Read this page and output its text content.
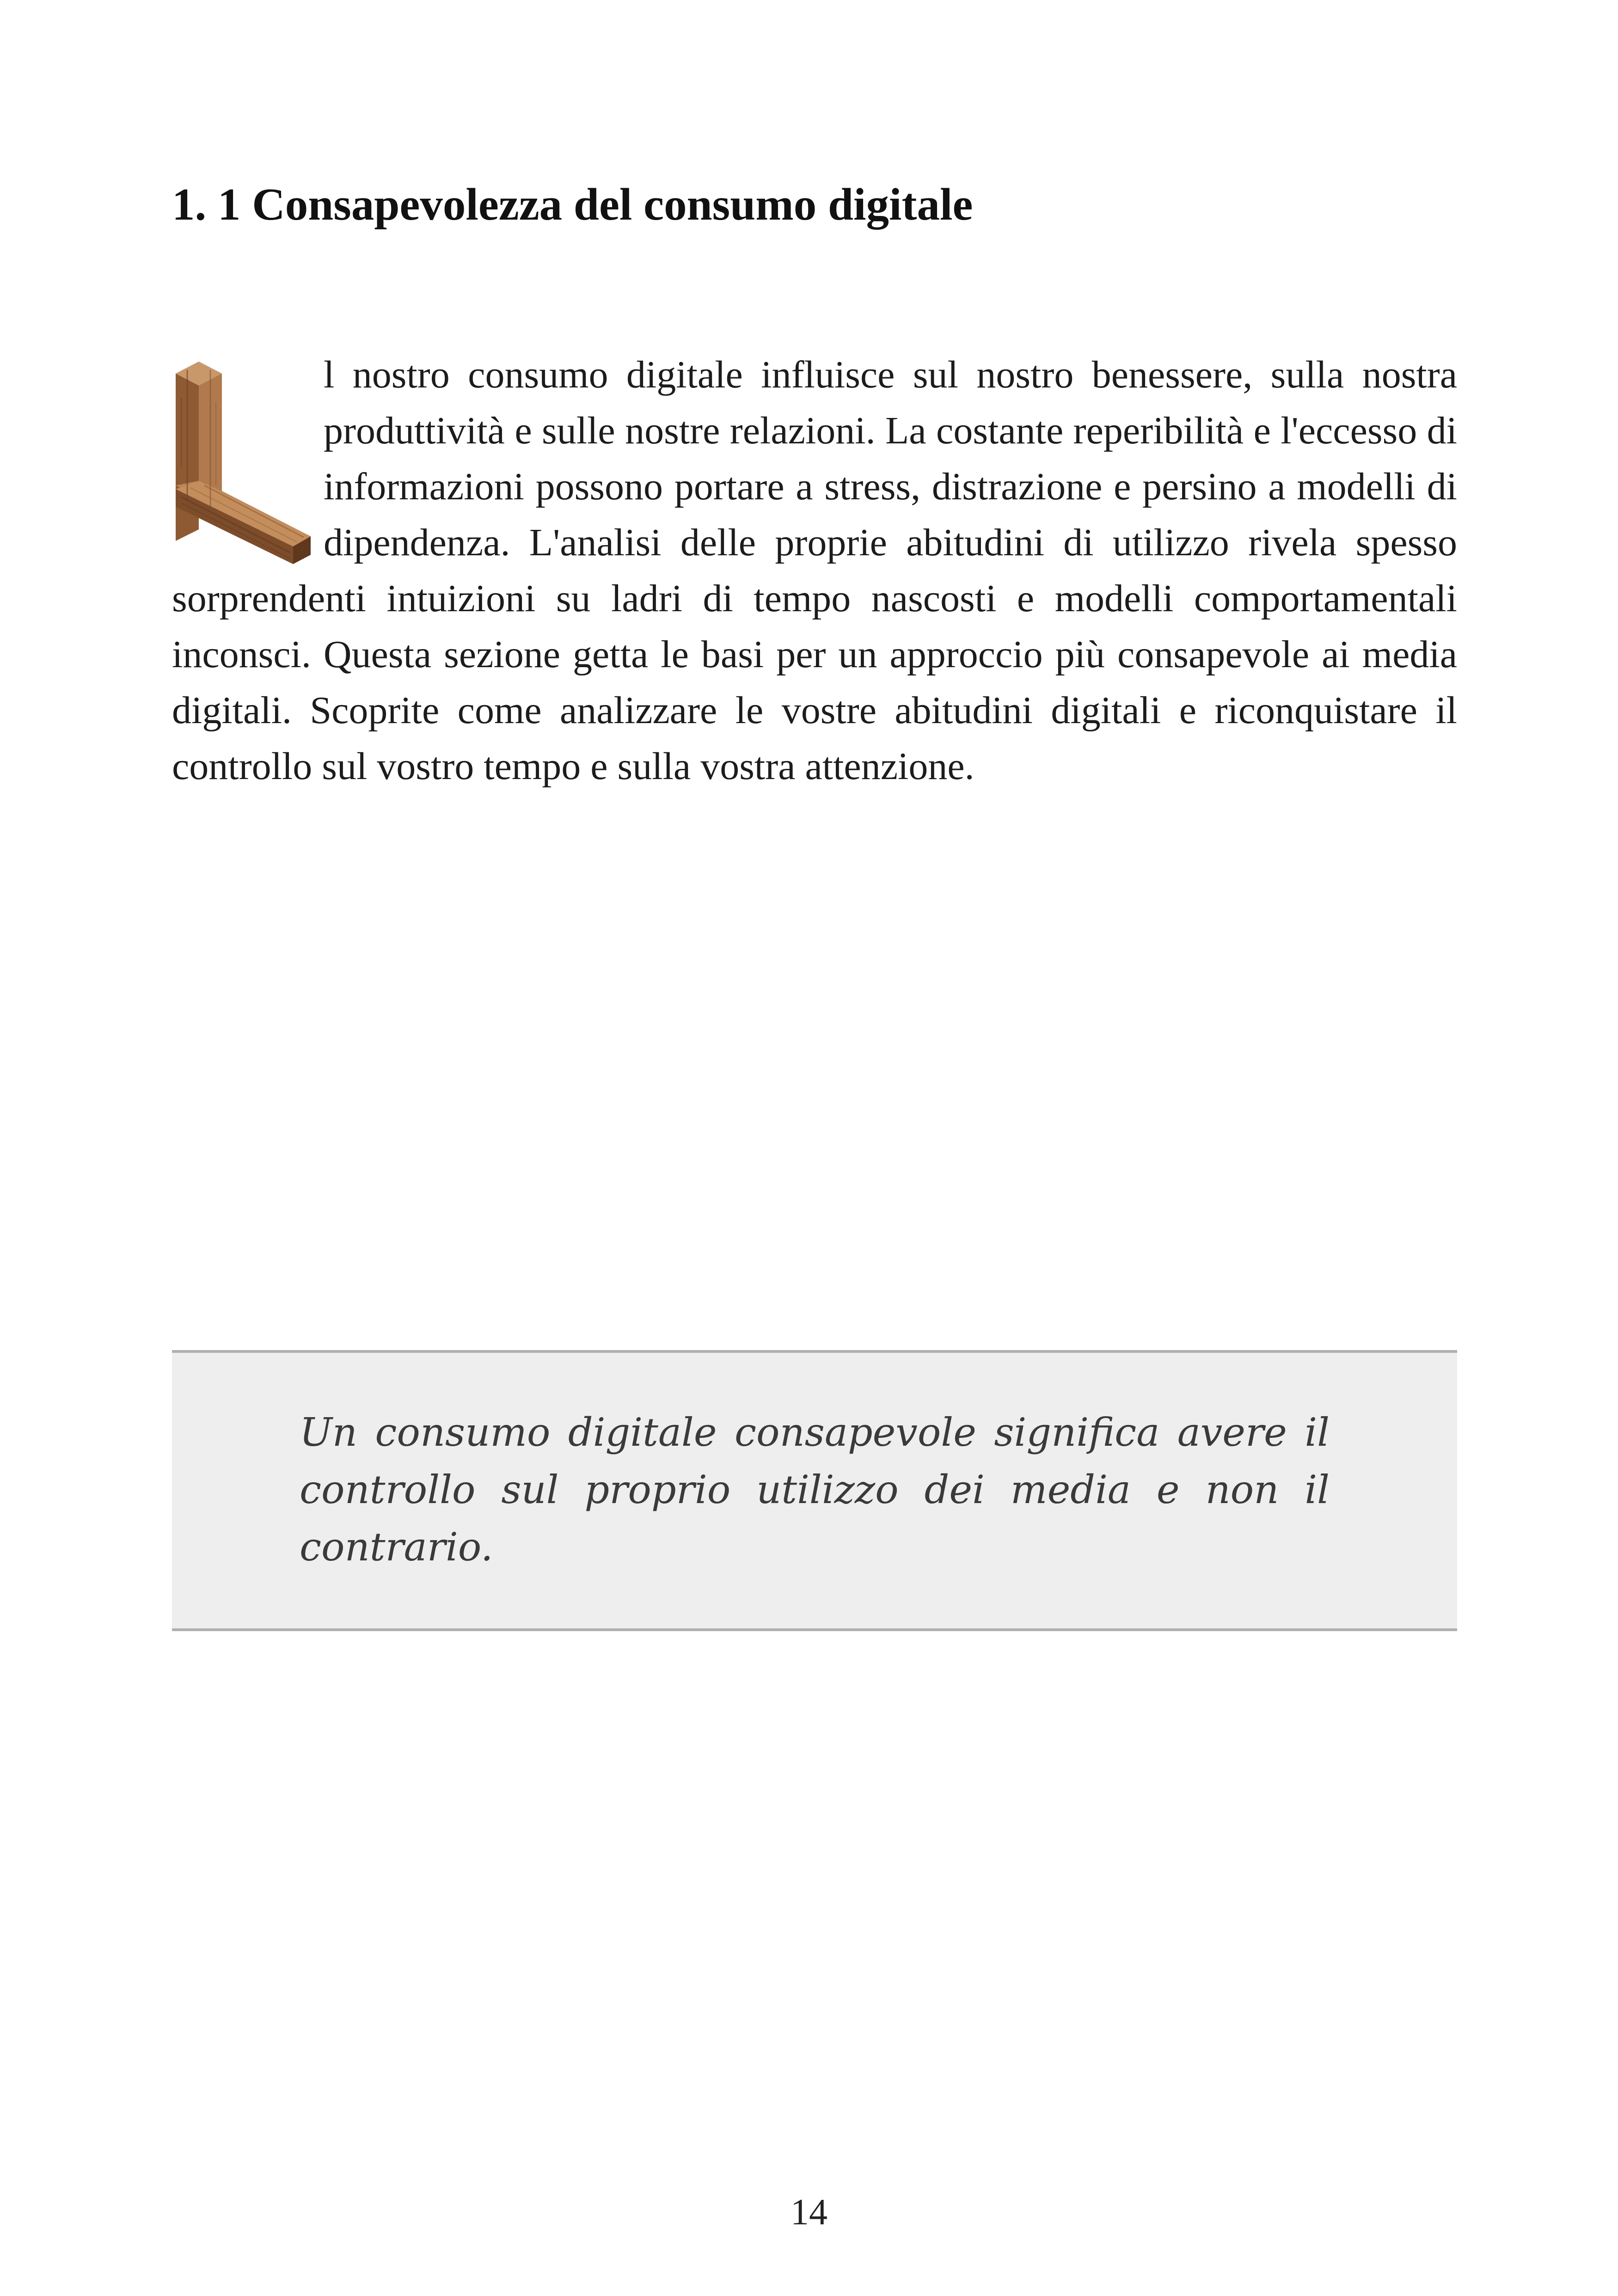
1. 1 Consapevolezza del consumo digitale

l nostro consumo digitale influisce sul nostro benessere, sulla nostra produttività e sulle nostre relazioni. La costante reperibilità e l'eccesso di informazioni possono portare a stress, distrazione e persino a modelli di dipendenza. L'analisi delle proprie abitudini di utilizzo rivela spesso sorprendenti intuizioni su ladri di tempo nascosti e modelli comportamentali inconsci. Questa sezione getta le basi per un approccio più consapevole ai media digitali. Scoprite come analizzare le vostre abitudini digitali e riconquistare il controllo sul vostro tempo e sulla vostra attenzione.

Un consumo digitale consapevole significa avere il controllo sul proprio utilizzo dei media e non il contrario.

14
